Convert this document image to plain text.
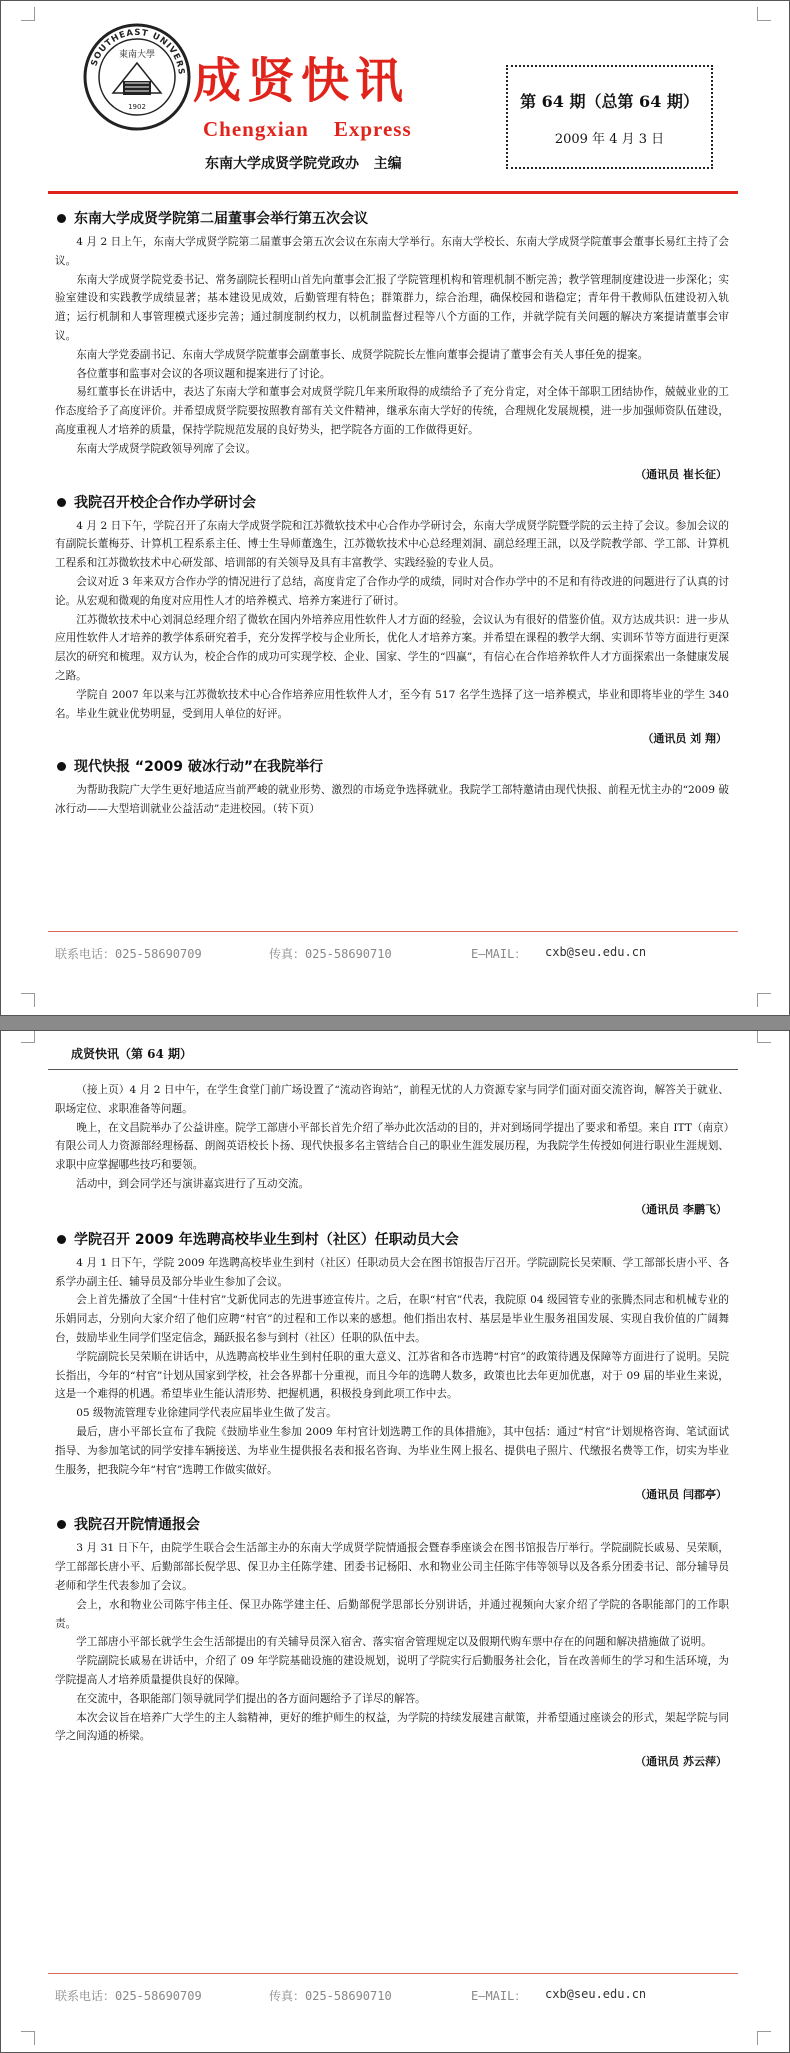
SOUTHEAST UNIVERS
東南大學
1902 成贤快讯
Chengxian    Express
东南大学成贤学院党政办   主编
第 64 期（总第 64 期）
2009 年 4 月 3 日
东南大学成贤学院第二届董事会举行第五次会议

4 月 2 日上午，东南大学成贤学院第二届董事会第五次会议在东南大学举行。东南大学校长、东南大学成贤学院董事会董事长易红主持了会议。

东南大学成贤学院党委书记、常务副院长程明山首先向董事会汇报了学院管理机构和管理机制不断完善；教学管理制度建设进一步深化；实验室建设和实践教学成绩显著；基本建设见成效，后勤管理有特色；群策群力，综合治理，确保校园和谐稳定；青年骨干教师队伍建设初入轨道；运行机制和人事管理模式逐步完善；通过制度制约权力，以机制监督过程等八个方面的工作，并就学院有关问题的解决方案提请董事会审议。

东南大学党委副书记、东南大学成贤学院董事会副董事长、成贤学院院长左惟向董事会提请了董事会有关人事任免的提案。

各位董事和监事对会议的各项议题和提案进行了讨论。

易红董事长在讲话中，表达了东南大学和董事会对成贤学院几年来所取得的成绩给予了充分肯定，对全体干部职工团结协作，兢兢业业的工作态度给予了高度评价。并希望成贤学院要按照教育部有关文件精神，继承东南大学好的传统，合理规化发展规模，进一步加强师资队伍建设，高度重视人才培养的质量，保持学院规范发展的良好势头，把学院各方面的工作做得更好。

东南大学成贤学院政领导列席了会议。

（通讯员 崔长征）
我院召开校企合作办学研讨会

4 月 2 日下午，学院召开了东南大学成贤学院和江苏微软技术中心合作办学研讨会，东南大学成贤学院暨学院的云主持了会议。参加会议的有副院长董梅芬、计算机工程系系主任、博士生导师董逸生，江苏微软技术中心总经理刘洞、副总经理王訊，以及学院教学部、学工部、计算机工程系和江苏微软技术中心研发部、培训部的有关领导及具有丰富教学、实践经验的专业人员。

会议对近 3 年来双方合作办学的情况进行了总结，高度肯定了合作办学的成绩，同时对合作办学中的不足和有待改进的问题进行了认真的讨论。从宏观和微观的角度对应用性人才的培养模式、培养方案进行了研讨。

江苏微软技术中心刘洞总经理介绍了微软在国内外培养应用性软件人才方面的经验，会议认为有很好的借鉴价值。双方达成共识：进一步从应用性软件人才培养的教学体系研究着手，充分发挥学校与企业所长，优化人才培养方案。并希望在课程的教学大纲、实训环节等方面进行更深层次的研究和梳理。双方认为，校企合作的成功可实现学校、企业、国家、学生的“四赢”，有信心在合作培养软件人才方面探索出一条健康发展之路。

学院自 2007 年以来与江苏微软技术中心合作培养应用性软件人才，至今有 517 名学生选择了这一培养模式，毕业和即将毕业的学生 340 名。毕业生就业优势明显，受到用人单位的好评。

（通讯员 刘 翔）
现代快报 “2009 破冰行动”在我院举行

为帮助我院广大学生更好地适应当前严峻的就业形势、激烈的市场竞争选择就业。我院学工部特邀请由现代快报、前程无忧主办的“2009 破冰行动——大型培训就业公益活动”走进校园。（转下页）

联系电话：025-58690709

	传真：025-58690710

	E—MAIL：

cxb@seu.edu.cn

成贤快讯（第 64 期）

（接上页）4 月 2 日中午，在学生食堂门前广场设置了“流动咨询站”，前程无忧的人力资源专家与同学们面对面交流咨询，解答关于就业、职场定位、求职准备等问题。

晚上，在文昌院举办了公益讲座。院学工部唐小平部长首先介绍了举办此次活动的目的，并对到场同学提出了要求和希望。来自 ITT（南京）有限公司人力资源部经理杨磊、朗阁英语校长卜扬、现代快报多名主管结合自己的职业生涯发展历程，为我院学生传授如何进行职业生涯规划、求职中应掌握哪些技巧和要领。

活动中，到会同学还与演讲嘉宾进行了互动交流。

（通讯员 李鹏飞）
学院召开 2009 年选聘高校毕业生到村（社区）任职动员大会

4 月 1 日下午，学院 2009 年选聘高校毕业生到村（社区）任职动员大会在图书馆报告厅召开。学院副院长吴荣顺、学工部部长唐小平、各系学办副主任、辅导员及部分毕业生参加了会议。

会上首先播放了全国“十佳村官”戈新优同志的先进事迹宣传片。之后，在职“村官”代表，我院原 04 级园管专业的张腾杰同志和机械专业的乐娟同志，分别向大家介绍了他们应聘“村官”的过程和工作以来的感想。他们指出农村、基层是毕业生服务祖国发展、实现自我价值的广阔舞台，鼓励毕业生同学们坚定信念，踊跃报名参与到村（社区）任职的队伍中去。

学院副院长吴荣顺在讲话中，从选聘高校毕业生到村任职的重大意义、江苏省和各市选聘“村官”的政策待遇及保障等方面进行了说明。吴院长指出，今年的“村官”计划从国家到学校，社会各界都十分重视，而且今年的选聘人数多，政策也比去年更加优惠，对于 09 届的毕业生来说，这是一个难得的机遇。希望毕业生能认清形势、把握机遇，积极投身到此项工作中去。

05 级物流管理专业徐建同学代表应届毕业生做了发言。

最后，唐小平部长宣布了我院《鼓励毕业生参加 2009 年村官计划选聘工作的具体措施》，其中包括：通过“村官”计划规格咨询、笔试面试指导、为参加笔试的同学安排车辆接送、为毕业生提供报名表和报名咨询、为毕业生网上报名、提供电子照片、代缴报名费等工作，切实为毕业生服务，把我院今年“村官”选聘工作做实做好。

（通讯员 闫郡亭）
我院召开院情通报会

3 月 31 日下午，由院学生联合会生活部主办的东南大学成贤学院情通报会暨春季座谈会在图书馆报告厅举行。学院副院长戚易、吴荣顺，学工部部长唐小平、后勤部部长倪学思、保卫办主任陈学建、团委书记杨阳、水和物业公司主任陈宇伟等领导以及各系分团委书记、部分辅导员老师和学生代表参加了会议。

会上，水和物业公司陈宇伟主任、保卫办陈学建主任、后勤部倪学思部长分别讲话，并通过视频向大家介绍了学院的各职能部门的工作职责。

学工部唐小平部长就学生会生活部提出的有关辅导员深入宿舍、落实宿舍管理规定以及假期代购车票中存在的问题和解决措施做了说明。

学院副院长戚易在讲话中，介绍了 09 年学院基础设施的建设规划，说明了学院实行后勤服务社会化，旨在改善师生的学习和生活环境，为学院提高人才培养质量提供良好的保障。

在交流中，各职能部门领导就同学们提出的各方面问题给予了详尽的解答。

本次会议旨在培养广大学生的主人翁精神，更好的维护师生的权益，为学院的持续发展建言献策，并希望通过座谈会的形式，架起学院与同学之间沟通的桥梁。

（通讯员 苏云萍）

联系电话：025-58690709

	传真：025-58690710

	E—MAIL：

cxb@seu.edu.cn
